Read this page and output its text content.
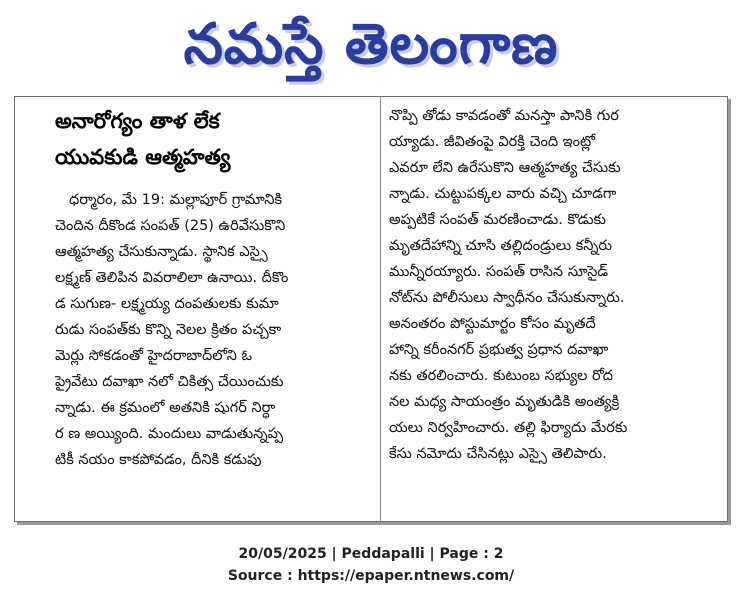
నమస్తే తెలంగాణ

అనారోగ్యం తాళ లేక

యువకుడి ఆత్మహత్య

ధర్మారం, మే 19: మల్లాపూర్ గ్రామానికి

చెందిన దీకొండ సంపత్ (25) ఉరివేసుకొని

ఆత్మహత్య చేసుకున్నాడు. స్థానిక ఎస్సై

లక్ష్మణ్ తెలిపిన వివరాలిలా ఉనాయి. దీకొం

డ సుగుణ- లక్ష్మయ్య దంపతులకు కుమా

రుడు సంపత్‌కు కొన్ని నెలల క్రితం పచ్చకా

మెర్లు సోకడంతో హైదరాబాద్‌లోని ఓ

ప్రైవేటు దవాఖా నలో చికిత్స చేయించుకు

న్నాడు. ఈ క్రమంలో అతనికి షుగర్ నిర్ధా

ర ణ అయ్యింది. మందులు వాడుతున్నప్ప

టికీ నయం కాకపోవడం, దీనికి కడుపు

నొప్పి తోడు కావడంతో మనస్తా పానికి గుర

య్యాడు. జీవితంపై విరక్తి చెంది ఇంట్లో

ఎవరూ లేని ఉరేసుకొని ఆత్మహత్య చేసుకు

న్నాడు. చుట్టుపక్కల వారు వచ్చి చూడగా

అప్పటికే సంపత్ మరణించాడు. కొడుకు

మృతదేహాన్ని చూసి తల్లిదండ్రులు కన్నీరు

మున్నీరయ్యారు. సంపత్ రాసిన సూసైడ్

నోట్‌ను పోలీసులు స్వాధీనం చేసుకున్నారు.

అనంతరం పోస్టుమార్టం కోసం మృతదే

హాన్ని కరీంనగర్ ప్రభుత్వ ప్రధాన దవాఖా

నకు తరలించారు. కుటుంబ సభ్యుల రోద

నల మధ్య సాయంత్రం మృతుడికి అంత్యక్రి

యలు నిర్వహించారు. తల్లి ఫిర్యాదు మేరకు

కేసు నమోదు చేసినట్లు ఎస్సై తెలిపారు.

20/05/2025 | Peddapalli | Page : 2
Source : https://epaper.ntnews.com/
